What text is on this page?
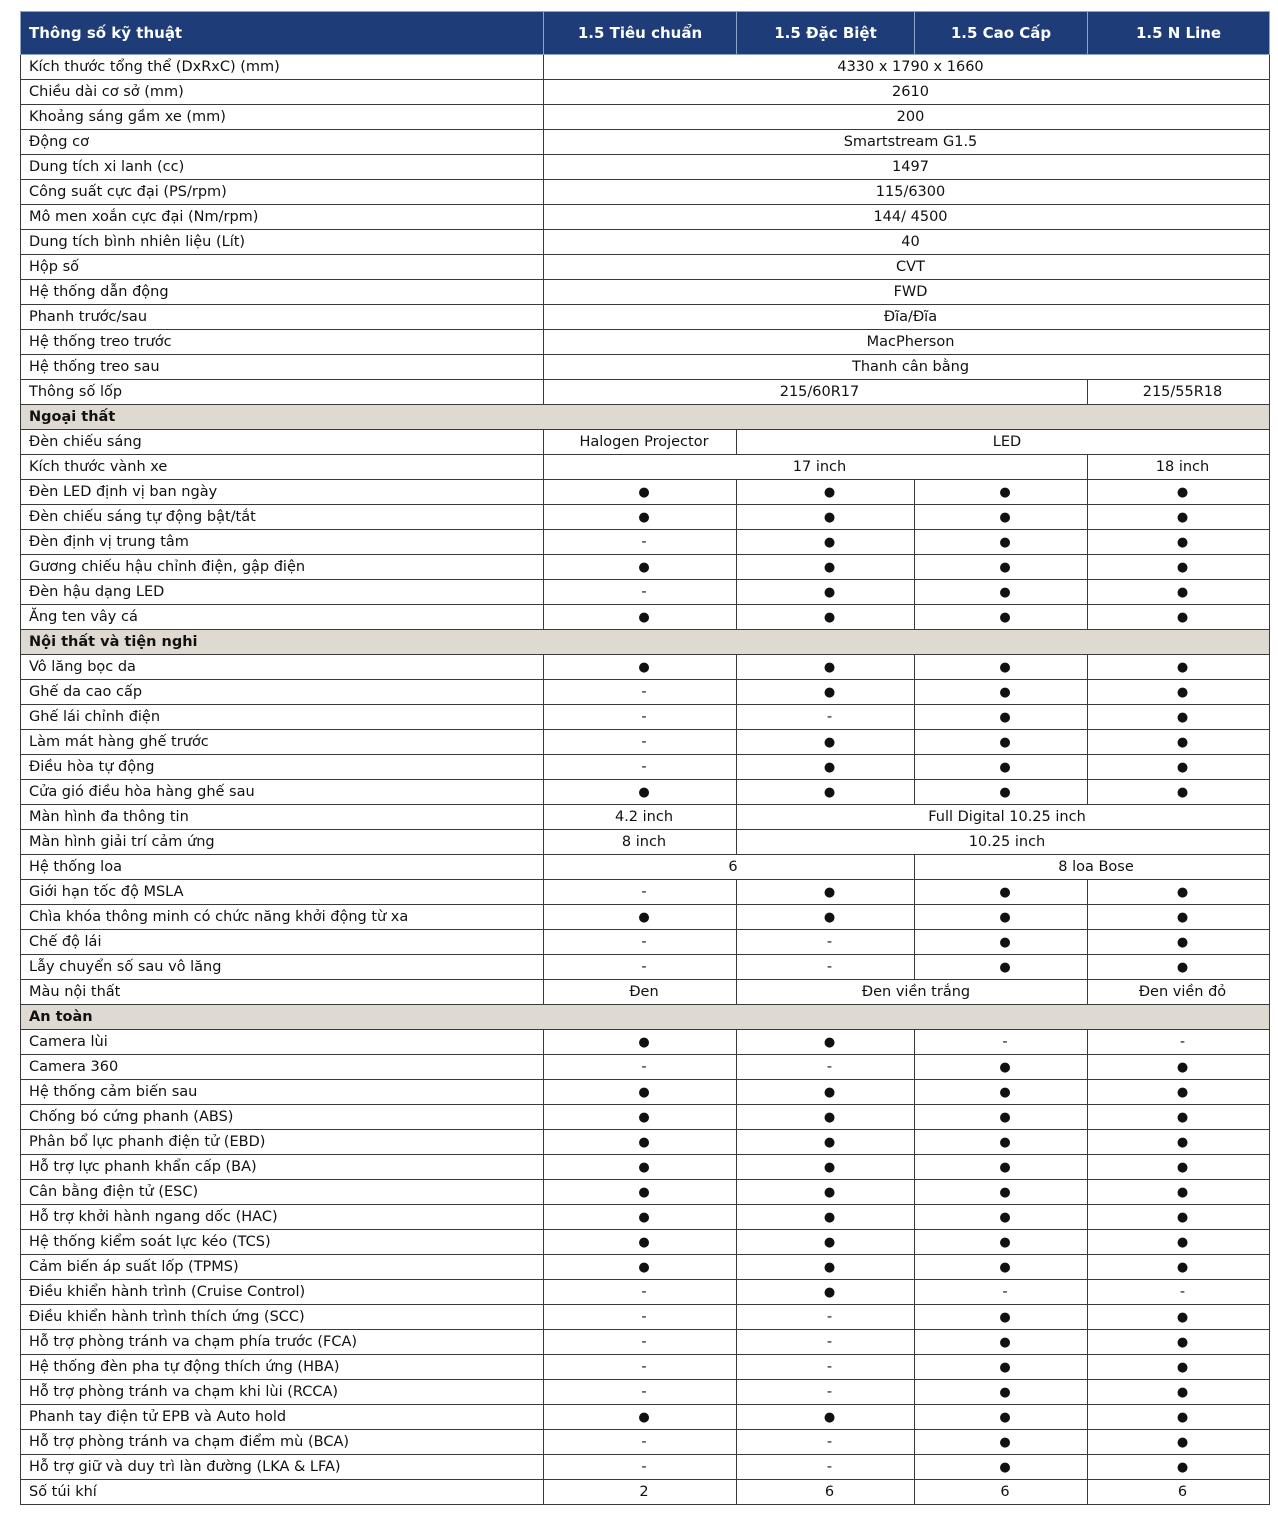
Thông số kỹ thuật	1.5 Tiêu chuẩn	1.5 Đặc Biệt	1.5 Cao Cấp	1.5 N Line
Kích thước tổng thể (DxRxC) (mm)	4330 x 1790 x 1660			
Chiều dài cơ sở (mm)	2610			
Khoảng sáng gầm xe (mm)	200			
Động cơ	Smartstream G1.5			
Dung tích xi lanh (cc)	1497			
Công suất cực đại (PS/rpm)	115/6300			
Mô men xoắn cực đại (Nm/rpm)	144/ 4500			
Dung tích bình nhiên liệu (Lít)	40			
Hộp số	CVT			
Hệ thống dẫn động	FWD			
Phanh trước/sau	Đĩa/Đĩa			
Hệ thống treo trước	MacPherson			
Hệ thống treo sau	Thanh cân bằng			
Thông số lốp	215/60R17			215/55R18
Ngoại thất				
Đèn chiếu sáng	Halogen Projector	LED		
Kích thước vành xe	17 inch			18 inch
Đèn LED định vị ban ngày	●	●	●	●
Đèn chiếu sáng tự động bật/tắt	●	●	●	●
Đèn định vị trung tâm	-	●	●	●
Gương chiếu hậu chỉnh điện, gập điện	●	●	●	●
Đèn hậu dạng LED	-	●	●	●
Ăng ten vây cá	●	●	●	●
Nội thất và tiện nghi				
Vô lăng bọc da	●	●	●	●
Ghế da cao cấp	-	●	●	●
Ghế lái chỉnh điện	-	-	●	●
Làm mát hàng ghế trước	-	●	●	●
Điều hòa tự động	-	●	●	●
Cửa gió điều hòa hàng ghế sau	●	●	●	●
Màn hình đa thông tin	4.2 inch	Full Digital 10.25 inch		
Màn hình giải trí cảm ứng	8 inch	10.25 inch		
Hệ thống loa	6		8 loa Bose	
Giới hạn tốc độ MSLA	-	●	●	●
Chìa khóa thông minh có chức năng khởi động từ xa	●	●	●	●
Chế độ lái	-	-	●	●
Lẫy chuyển số sau vô lăng	-	-	●	●
Màu nội thất	Đen	Đen viền trắng		Đen viền đỏ
An toàn				
Camera lùi	●	●	-	-
Camera 360	-	-	●	●
Hệ thống cảm biến sau	●	●	●	●
Chống bó cứng phanh (ABS)	●	●	●	●
Phân bổ lực phanh điện tử (EBD)	●	●	●	●
Hỗ trợ lực phanh khẩn cấp (BA)	●	●	●	●
Cân bằng điện tử (ESC)	●	●	●	●
Hỗ trợ khởi hành ngang dốc (HAC)	●	●	●	●
Hệ thống kiểm soát lực kéo (TCS)	●	●	●	●
Cảm biến áp suất lốp (TPMS)	●	●	●	●
Điều khiển hành trình (Cruise Control)	-	●	-	-
Điều khiển hành trình thích ứng (SCC)	-	-	●	●
Hỗ trợ phòng tránh va chạm phía trước (FCA)	-	-	●	●
Hệ thống đèn pha tự động thích ứng (HBA)	-	-	●	●
Hỗ trợ phòng tránh va chạm khi lùi (RCCA)	-	-	●	●
Phanh tay điện tử EPB và Auto hold	●	●	●	●
Hỗ trợ phòng tránh va chạm điểm mù (BCA)	-	-	●	●
Hỗ trợ giữ và duy trì làn đường (LKA & LFA)	-	-	●	●
Số túi khí	2	6	6	6
